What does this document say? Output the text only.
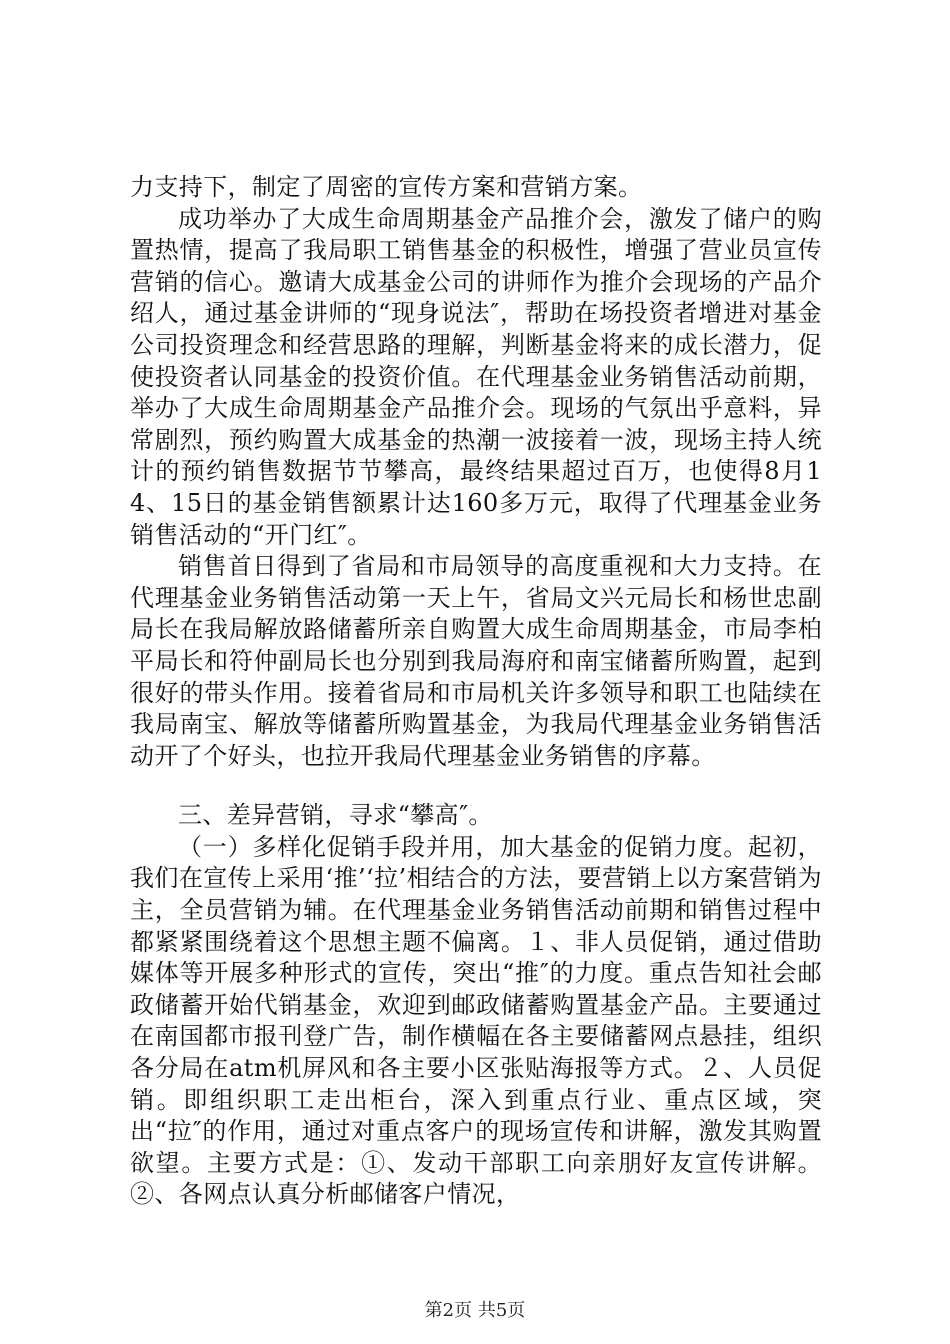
力支持下，制定了周密的宣传方案和营销方案。

成功举办了大成生命周期基金产品推介会，激发了储户的购置热情，提高了我局职工销售基金的积极性，增强了营业员宣传营销的信心。邀请大成基金公司的讲师作为推介会现场的产品介绍人，通过基金讲师的“现身说法″，帮助在场投资者增进对基金公司投资理念和经营思路的理解，判断基金将来的成长潜力，促使投资者认同基金的投资价值。在代理基金业务销售活动前期，举办了大成生命周期基金产品推介会。现场的气氛出乎意料，异常剧烈，预约购置大成基金的热潮一波接着一波，现场主持人统计的预约销售数据节节攀高，最终结果超过百万，也使得8月14、15日的基金销售额累计达160多万元，取得了代理基金业务销售活动的“开门红″。

销售首日得到了省局和市局领导的高度重视和大力支持。在代理基金业务销售活动第一天上午，省局文兴元局长和杨世忠副局长在我局解放路储蓄所亲自购置大成生命周期基金，市局李柏平局长和符仲副局长也分别到我局海府和南宝储蓄所购置，起到很好的带头作用。接着省局和市局机关许多领导和职工也陆续在我局南宝、解放等储蓄所购置基金，为我局代理基金业务销售活动开了个好头，也拉开我局代理基金业务销售的序幕。

三、差异营销，寻求“攀高″。

（一）多样化促销手段并用，加大基金的促销力度。起初，我们在宣传上采用‘推’‘拉’相结合的方法，要营销上以方案营销为主，全员营销为辅。在代理基金业务销售活动前期和销售过程中都紧紧围绕着这个思想主题不偏离。１、非人员促销，通过借助媒体等开展多种形式的宣传，突出“推″的力度。重点告知社会邮政储蓄开始代销基金，欢迎到邮政储蓄购置基金产品。主要通过在南国都市报刊登广告，制作横幅在各主要储蓄网点悬挂，组织各分局在atm机屏风和各主要小区张贴海报等方式。２、人员促销。即组织职工走出柜台，深入到重点行业、重点区域，突出“拉″的作用，通过对重点客户的现场宣传和讲解，激发其购置欲望。主要方式是：①、发动干部职工向亲朋好友宣传讲解。②、各网点认真分析邮储客户情况，

第2页 共5页
